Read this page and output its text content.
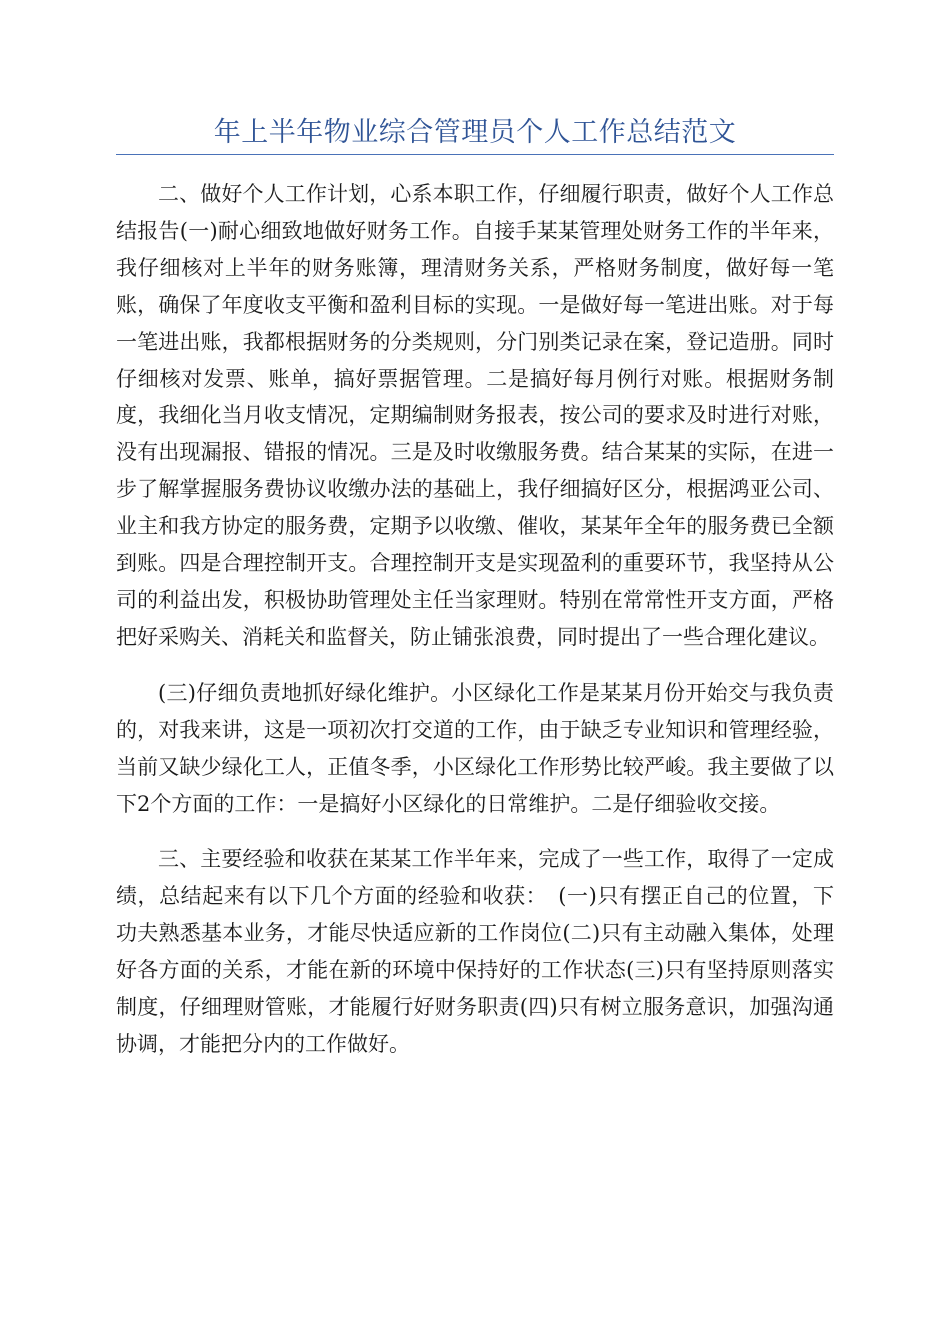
年上半年物业综合管理员个人工作总结范文

二、做好个人工作计划，心系本职工作，仔细履行职责，做好个人工作总结报告(一)耐心细致地做好财务工作。自接手某某管理处财务工作的半年来，我仔细核对上半年的财务账簿，理清财务关系，严格财务制度，做好每一笔账，确保了年度收支平衡和盈利目标的实现。一是做好每一笔进出账。对于每一笔进出账，我都根据财务的分类规则，分门别类记录在案，登记造册。同时仔细核对发票、账单，搞好票据管理。二是搞好每月例行对账。根据财务制度，我细化当月收支情况，定期编制财务报表，按公司的要求及时进行对账，没有出现漏报、错报的情况。三是及时收缴服务费。结合某某的实际，在进一步了解掌握服务费协议收缴办法的基础上，我仔细搞好区分，根据鸿亚公司、业主和我方协定的服务费，定期予以收缴、催收，某某年全年的服务费已全额到账。四是合理控制开支。合理控制开支是实现盈利的重要环节，我坚持从公司的利益出发，积极协助管理处主任当家理财。特别在常常性开支方面，严格把好采购关、消耗关和监督关，防止铺张浪费，同时提出了一些合理化建议。

(三)仔细负责地抓好绿化维护。小区绿化工作是某某月份开始交与我负责的，对我来讲，这是一项初次打交道的工作，由于缺乏专业知识和管理经验，当前又缺少绿化工人，正值冬季，小区绿化工作形势比较严峻。我主要做了以下2个方面的工作：一是搞好小区绿化的日常维护。二是仔细验收交接。

三、主要经验和收获在某某工作半年来，完成了一些工作，取得了一定成绩，总结起来有以下几个方面的经验和收获：　(一)只有摆正自己的位置，下功夫熟悉基本业务，才能尽快适应新的工作岗位(二)只有主动融入集体，处理好各方面的关系，才能在新的环境中保持好的工作状态(三)只有坚持原则落实制度，仔细理财管账，才能履行好财务职责(四)只有树立服务意识，加强沟通协调，才能把分内的工作做好。
